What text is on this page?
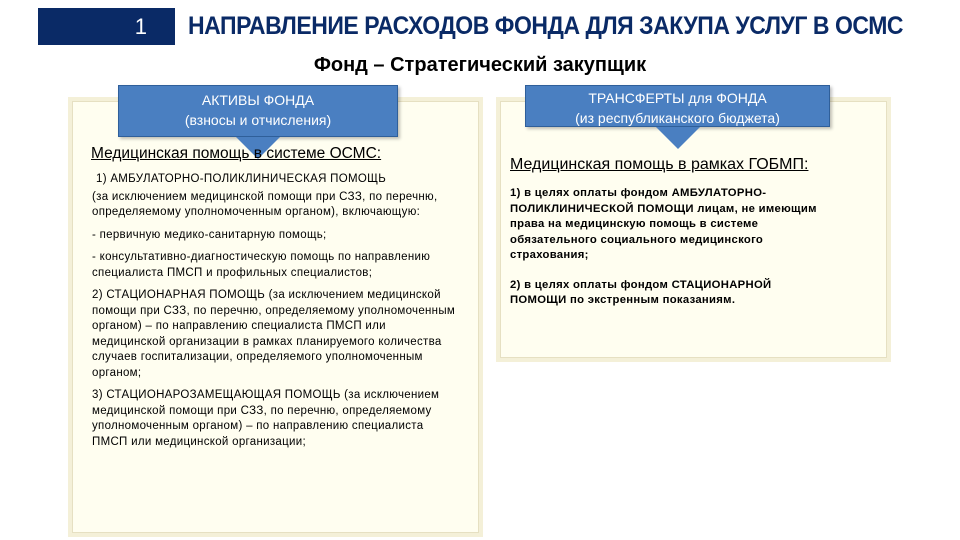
1 НАПРАВЛЕНИЕ РАСХОДОВ ФОНДА ДЛЯ ЗАКУПА УСЛУГ В ОСМС
Фонд – Стратегический закупщик
АКТИВЫ ФОНДА
(взносы и отчисления)
ТРАНСФЕРТЫ для ФОНДА
(из республиканского бюджета)
Медицинская помощь в системе ОСМС:
Медицинская помощь в рамках ГОБМП:

1) АМБУЛАТОРНО-ПОЛИКЛИНИЧЕСКАЯ ПОМОЩЬ

(за исключением медицинской помощи при СЗЗ, по перечню, определяемому уполномоченным органом), включающую:

- первичную медико-санитарную помощь;

- консультативно-диагностическую помощь по направлению специалиста ПМСП и профильных специалистов;

2) СТАЦИОНАРНАЯ ПОМОЩЬ (за исключением медицинской помощи при СЗЗ, по перечню, определяемому уполномоченным органом) – по направлению специалиста ПМСП или медицинской организации в рамках планируемого количества случаев госпитализации, определяемого уполномоченным органом;

3) СТАЦИОНАРОЗАМЕЩАЮЩАЯ ПОМОЩЬ (за исключением медицинской помощи при СЗЗ, по перечню, определяемому уполномоченным органом) – по направлению специалиста ПМСП или медицинской организации;

1) в целях оплаты фондом АМБУЛАТОРНО-ПОЛИКЛИНИЧЕСКОЙ ПОМОЩИ лицам, не имеющим права на медицинскую помощь в системе обязательного социального медицинского страхования;

2) в целях оплаты фондом СТАЦИОНАРНОЙ ПОМОЩИ по экстренным показаниям.
